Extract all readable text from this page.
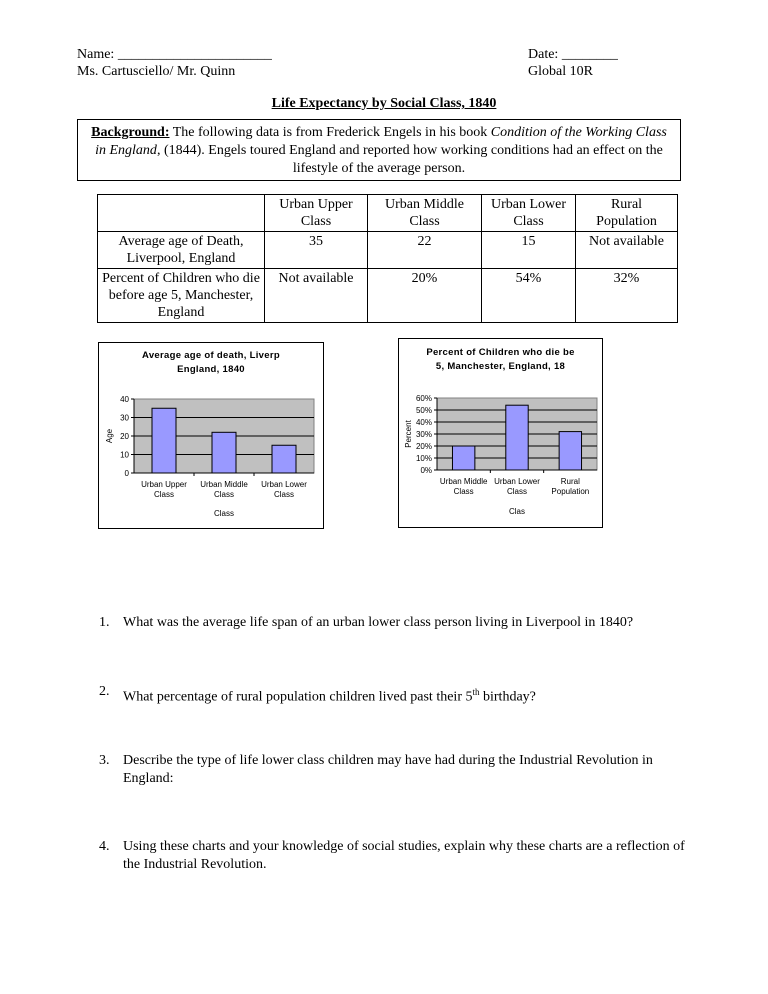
Name: ______________________
Ms. Cartusciello/ Mr. Quinn
Date: ________
Global 10R
Life Expectancy by Social Class, 1840
Background: The following data is from Frederick Engels in his book Condition of the Working Class in England, (1844). Engels toured England and reported how working conditions had an effect on the lifestyle of the average person.
	Urban Upper Class	Urban Middle Class	Urban Lower Class	Rural Population
Average age of Death, Liverpool, England	35	22	15	Not available
Percent of Children who die before age 5, Manchester, England	Not available	20%	54%	32%
Average age of death, Liverp
England, 1840
0
10
20
30
40
Urban Upper
Class
Urban Middle
Class
Urban Lower
Class
Class
Age
Percent of Children who die be
5, Manchester, England, 18
0%
10%
20%
30%
40%
50%
60%
Urban Middle
Class
Urban Lower
Class
Rural
Population
Clas
Percent
1. What was the average life span of an urban lower class person living in Liverpool in 1840?
2. What percentage of rural population children lived past their 5th birthday?
3. Describe the type of life lower class children may have had during the Industrial Revolution in England:
4. Using these charts and your knowledge of social studies, explain why these charts are a reflection of the Industrial Revolution.
